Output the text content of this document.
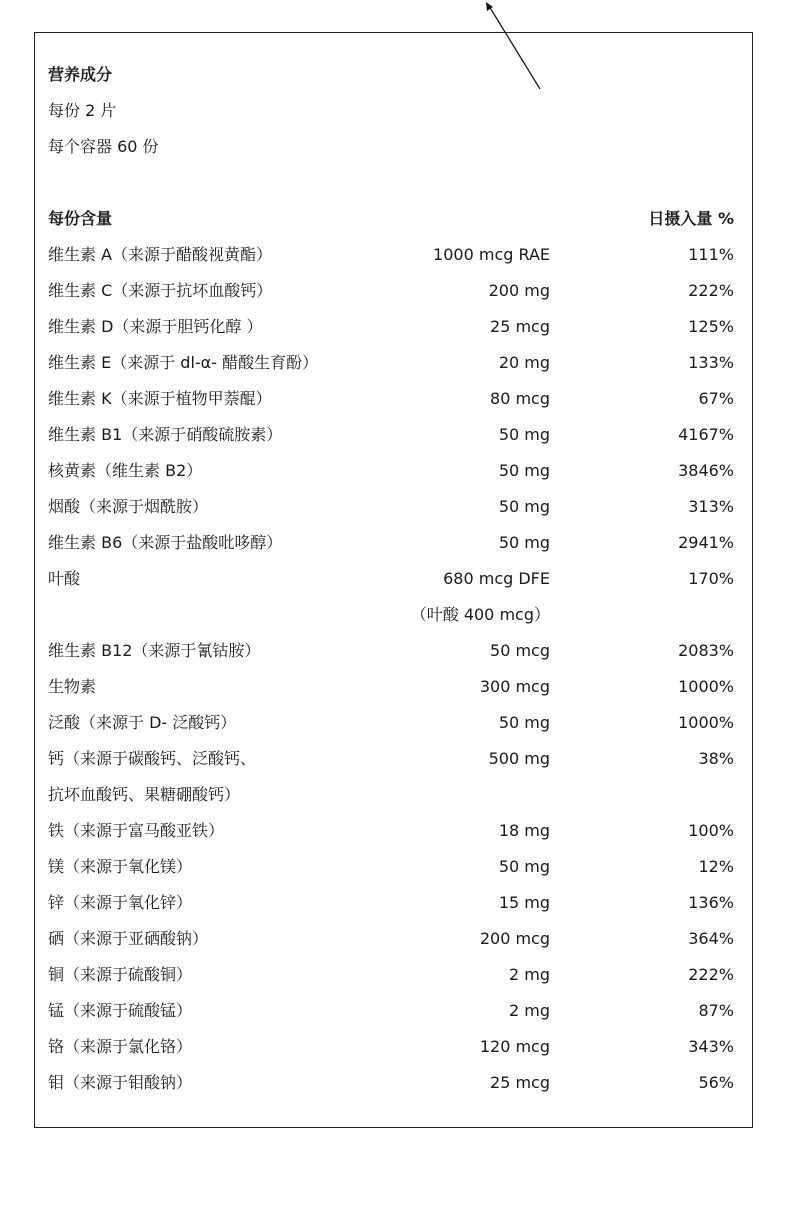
营养成分
每份 2 片
每个容器 60 份
每份含量	日摄入量 %
维生素 A（来源于醋酸视黄酯）	1000 mcg RAE	111%
维生素 C（来源于抗坏血酸钙）	200 mg	222%
维生素 D（来源于胆钙化醇 ）	25 mcg	125%
维生素 E（来源于 dl-α- 醋酸生育酚）	20 mg	133%
维生素 K（来源于植物甲萘醌）	80 mcg	67%
维生素 B1（来源于硝酸硫胺素）	50 mg	4167%
核黄素（维生素 B2）	50 mg	3846%
烟酸（来源于烟酰胺）	50 mg	313%
维生素 B6（来源于盐酸吡哆醇）	50 mg	2941%
叶酸	680 mcg DFE	170%
（叶酸 400 mcg）
维生素 B12（来源于氰钴胺）	50 mcg	2083%
生物素	300 mcg	1000%
泛酸（来源于 D- 泛酸钙）	50 mg	1000%
钙（来源于碳酸钙、泛酸钙、	500 mg	38%
抗坏血酸钙、果糖硼酸钙）
铁（来源于富马酸亚铁）	18 mg	100%
镁（来源于氧化镁）	50 mg	12%
锌（来源于氧化锌）	15 mg	136%
硒（来源于亚硒酸钠）	200 mcg	364%
铜（来源于硫酸铜）	2 mg	222%
锰（来源于硫酸锰）	2 mg	87%
铬（来源于氯化铬）	120 mcg	343%
钼（来源于钼酸钠）	25 mcg	56%
